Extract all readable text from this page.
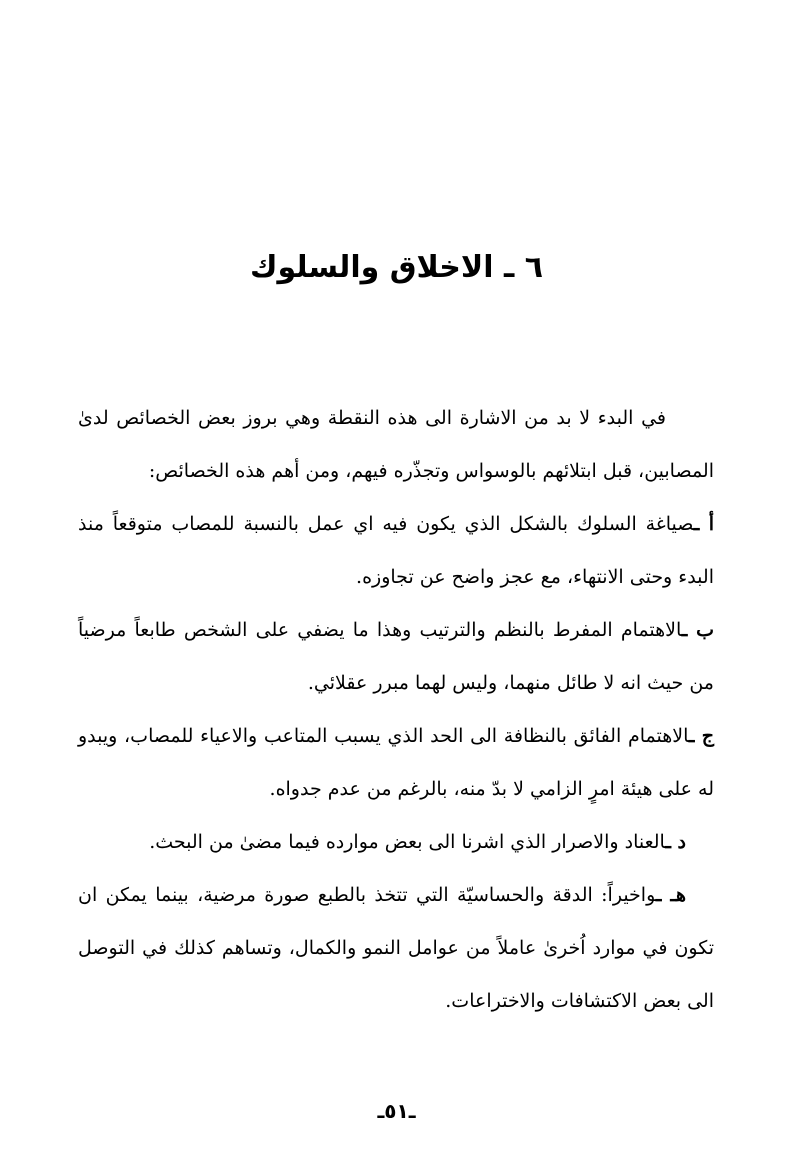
٦ ـ الاخلاق والسلوك

في البدء لا بد من الاشارة الى هذه النقطة وهي بروز بعض الخصائص لدىٰ المصابين، قبل ابتلائهم بالوسواس وتجذّره فيهم، ومن أهم هذه الخصائص:

أ ـصياغة السلوك بالشكل الذي يكون فيه اي عمل بالنسبة للمصاب متوقعاً منذ البدء وحتى الانتهاء، مع عجز واضح عن تجاوزه.

ب ـالاهتمام المفرط بالنظم والترتيب وهذا ما يضفي على الشخص طابعاً مرضياً من حيث انه لا طائل منهما، وليس لهما مبرر عقلائي.

ج ـالاهتمام الفائق بالنظافة الى الحد الذي يسبب المتاعب والاعياء للمصاب، ويبدو له على هيئة امرٍ الزامي لا بدّ منه، بالرغم من عدم جدواه.

د ـالعناد والاصرار الذي اشرنا الى بعض موارده فيما مضىٰ من البحث.

هـ ـواخيراً: الدقة والحساسيّة التي تتخذ بالطبع صورة مرضية، بينما يمكن ان تكون في موارد اُخرىٰ عاملاً من عوامل النمو والكمال، وتساهم كذلك في التوصل الى بعض الاكتشافات والاختراعات.

ـ٥١ـ
